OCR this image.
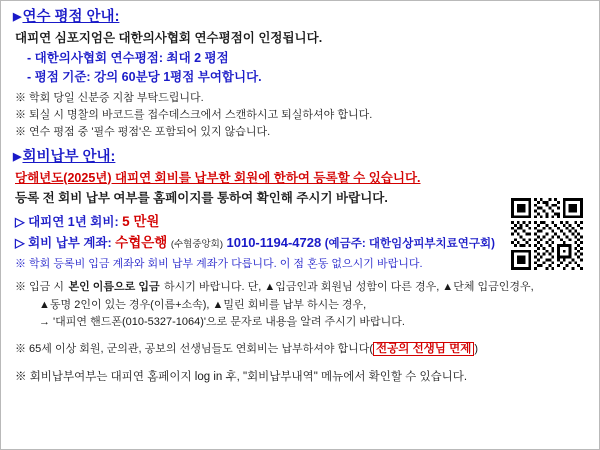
▶연수 평점 안내:
대피연 심포지엄은 대한의사협회 연수평점이 인정됩니다.
- 대한의사협회 연수평점: 최대 2 평점
- 평점 기준: 강의 60분당 1평점 부여합니다.
※ 학회 당일 신분증 지참 부탁드립니다.
※ 퇴실 시 명찰의 바코드를 접수데스크에서 스캔하시고 퇴실하셔야 합니다.
※ 연수 평점 중 '필수 평점'은 포함되어 있지 않습니다.
▶회비납부 안내:
당해년도(2025년) 대피연 회비를 납부한 회원에 한하여 등록할 수 있습니다.
등록 전 회비 납부 여부를 홈페이지를 통하여 확인해 주시기 바랍니다.
▷ 대피연 1년 회비: 5 만원
▷ 회비 납부 계좌: 수협은행 (수협중앙회) 1010-1194-4728 (예금주: 대한임상피부치료연구회)
※ 학회 등록비 입금 계좌와 회비 납부 계좌가 다릅니다. 이 점 혼동 없으시기 바랍니다.
※ 입금 시 본인 이름으로 입금 하시기 바랍니다. 단, ▲입금인과 회원님 성함이 다른 경우, ▲단체 입금인경우,
▲동명 2인이 있는 경우(이름+소속), ▲밀린 회비를 납부 하시는 경우,
→ '대피연 핸드폰(010-5327-1064)'으로 문자로 내용을 알려 주시기 바랍니다.
※ 65세 이상 회원, 군의관, 공보의 선생님들도 연회비는 납부하셔야 합니다( 전공의 선생님 면제 )
※ 회비납부여부는 대피연 홈페이지 log in 후, "회비납부내역" 메뉴에서 확인할 수 있습니다.
